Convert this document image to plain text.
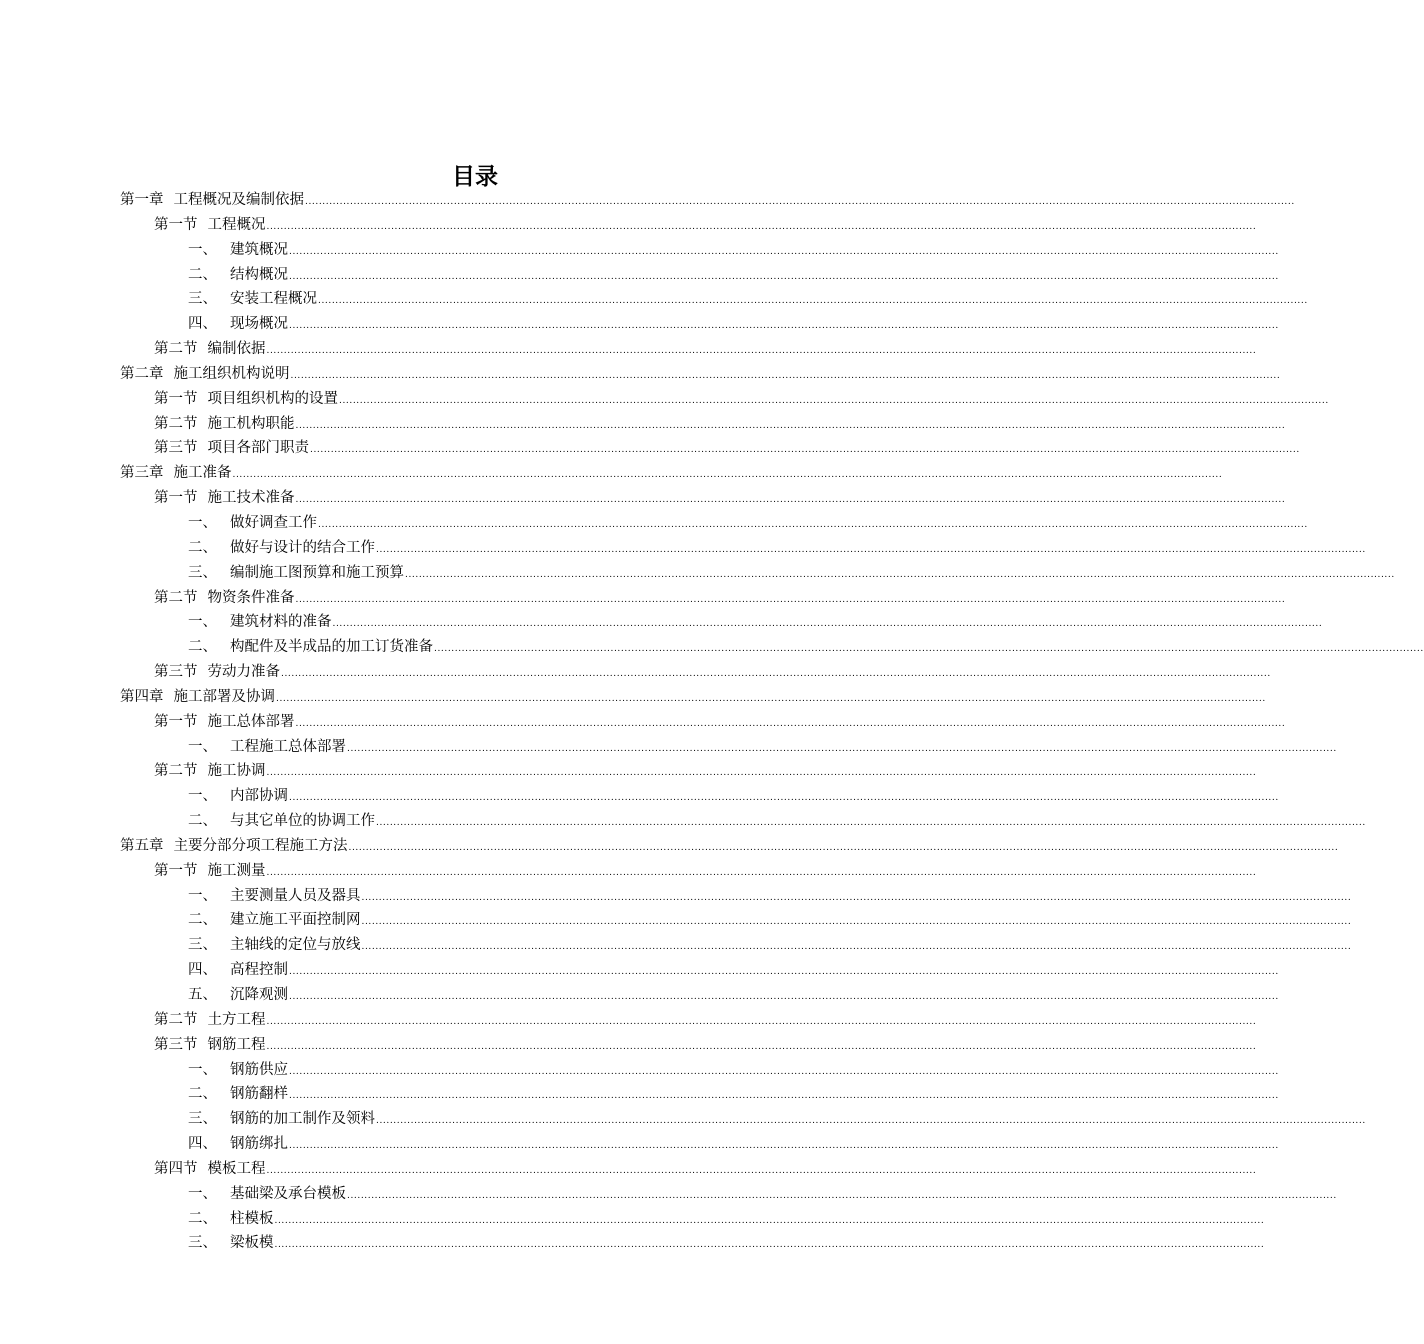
目录
第一章 工程概况及编制依据 ..............................................................................................................................................................................................................................................................................................
第一节 工程概况 ..............................................................................................................................................................................................................................................................................................
一、 建筑概况 ..............................................................................................................................................................................................................................................................................................
二、 结构概况 ..............................................................................................................................................................................................................................................................................................
三、 安装工程概况 ..............................................................................................................................................................................................................................................................................................
四、 现场概况 ..............................................................................................................................................................................................................................................................................................
第二节 编制依据 ..............................................................................................................................................................................................................................................................................................
第二章 施工组织机构说明 ..............................................................................................................................................................................................................................................................................................
第一节 项目组织机构的设置 ..............................................................................................................................................................................................................................................................................................
第二节 施工机构职能 ..............................................................................................................................................................................................................................................................................................
第三节 项目各部门职责 ..............................................................................................................................................................................................................................................................................................
第三章 施工准备 ..............................................................................................................................................................................................................................................................................................
第一节 施工技术准备 ..............................................................................................................................................................................................................................................................................................
一、 做好调查工作 ..............................................................................................................................................................................................................................................................................................
二、 做好与设计的结合工作 ..............................................................................................................................................................................................................................................................................................
三、 编制施工图预算和施工预算 ..............................................................................................................................................................................................................................................................................................
第二节 物资条件准备 ..............................................................................................................................................................................................................................................................................................
一、 建筑材料的准备 ..............................................................................................................................................................................................................................................................................................
二、 构配件及半成品的加工订货准备 ..............................................................................................................................................................................................................................................................................................
第三节 劳动力准备 ..............................................................................................................................................................................................................................................................................................
第四章 施工部署及协调 ..............................................................................................................................................................................................................................................................................................
第一节 施工总体部署 ..............................................................................................................................................................................................................................................................................................
一、 工程施工总体部署 ..............................................................................................................................................................................................................................................................................................
第二节 施工协调 ..............................................................................................................................................................................................................................................................................................
一、 内部协调 ..............................................................................................................................................................................................................................................................................................
二、 与其它单位的协调工作 ..............................................................................................................................................................................................................................................................................................
第五章 主要分部分项工程施工方法 ..............................................................................................................................................................................................................................................................................................
第一节 施工测量 ..............................................................................................................................................................................................................................................................................................
一、 主要测量人员及器具 ..............................................................................................................................................................................................................................................................................................
二、 建立施工平面控制网 ..............................................................................................................................................................................................................................................................................................
三、 主轴线的定位与放线 ..............................................................................................................................................................................................................................................................................................
四、 高程控制 ..............................................................................................................................................................................................................................................................................................
五、 沉降观测 ..............................................................................................................................................................................................................................................................................................
第二节 土方工程 ..............................................................................................................................................................................................................................................................................................
第三节 钢筋工程 ..............................................................................................................................................................................................................................................................................................
一、 钢筋供应 ..............................................................................................................................................................................................................................................................................................
二、 钢筋翻样 ..............................................................................................................................................................................................................................................................................................
三、 钢筋的加工制作及领料 ..............................................................................................................................................................................................................................................................................................
四、 钢筋绑扎 ..............................................................................................................................................................................................................................................................................................
第四节 模板工程 ..............................................................................................................................................................................................................................................................................................
一、 基础梁及承台模板 ..............................................................................................................................................................................................................................................................................................
二、 柱模板 ..............................................................................................................................................................................................................................................................................................
三、 梁板模 ..............................................................................................................................................................................................................................................................................................
